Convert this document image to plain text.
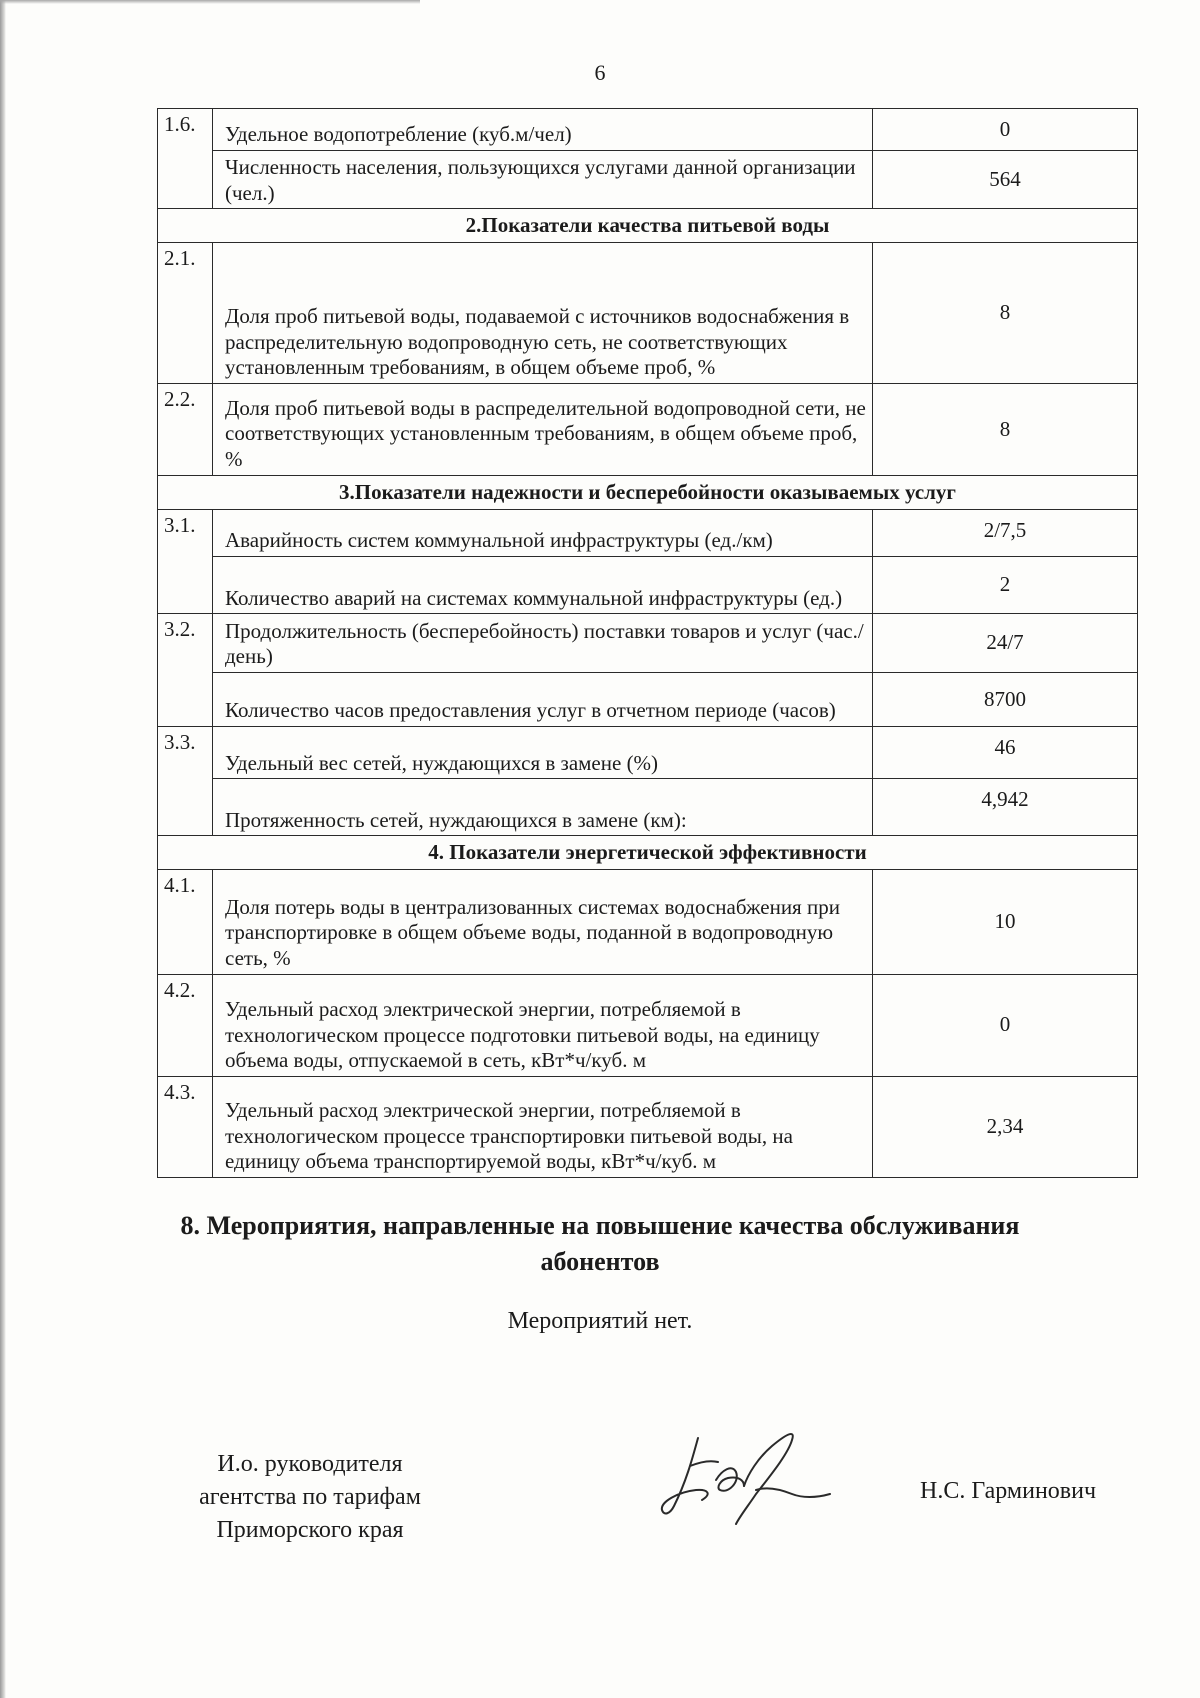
6
1.6.	Удельное водопотребление (куб.м/чел)	0
	Численность населения, пользующихся услугами данной организации (чел.)	564
2.Показатели качества питьевой воды		
2.1.	Доля проб питьевой воды, подаваемой с источников водоснабжения в распределительную водопроводную сеть, не соответствующих установленным требованиям, в общем объеме проб, %	8
2.2.	Доля проб питьевой воды в распределительной водопроводной сети, не соответствующих установленным требованиям, в общем объеме проб, %	8
3.Показатели надежности и бесперебойности оказываемых услуг		
3.1.	Аварийность систем коммунальной инфраструктуры (ед./км)	2/7,5
	Количество аварий на системах коммунальной инфраструктуры (ед.)	2
3.2.	Продолжительность (бесперебойность) поставки товаров и услуг (час./день)	24/7
	Количество часов предоставления услуг в отчетном периоде (часов)	8700
3.3.	Удельный вес сетей, нуждающихся в замене (%)	46
	Протяженность сетей, нуждающихся в замене (км):	4,942
4. Показатели энергетической эффективности		
4.1.	Доля потерь воды в централизованных системах водоснабжения при транспортировке в общем объеме воды, поданной в водопроводную сеть, %	10
4.2.	Удельный расход электрической энергии, потребляемой в технологическом процессе подготовки питьевой воды, на единицу объема воды, отпускаемой в сеть, кВт*ч/куб. м	0
4.3.	Удельный расход электрической энергии, потребляемой в технологическом процессе транспортировки питьевой воды, на единицу объема транспортируемой воды, кВт*ч/куб. м	2,34
8. Мероприятия, направленные на повышение качества обслуживания
абонентов
Мероприятий нет.
И.о. руководителя
агентства по тарифам
Приморского края
Н.С. Гарминович
